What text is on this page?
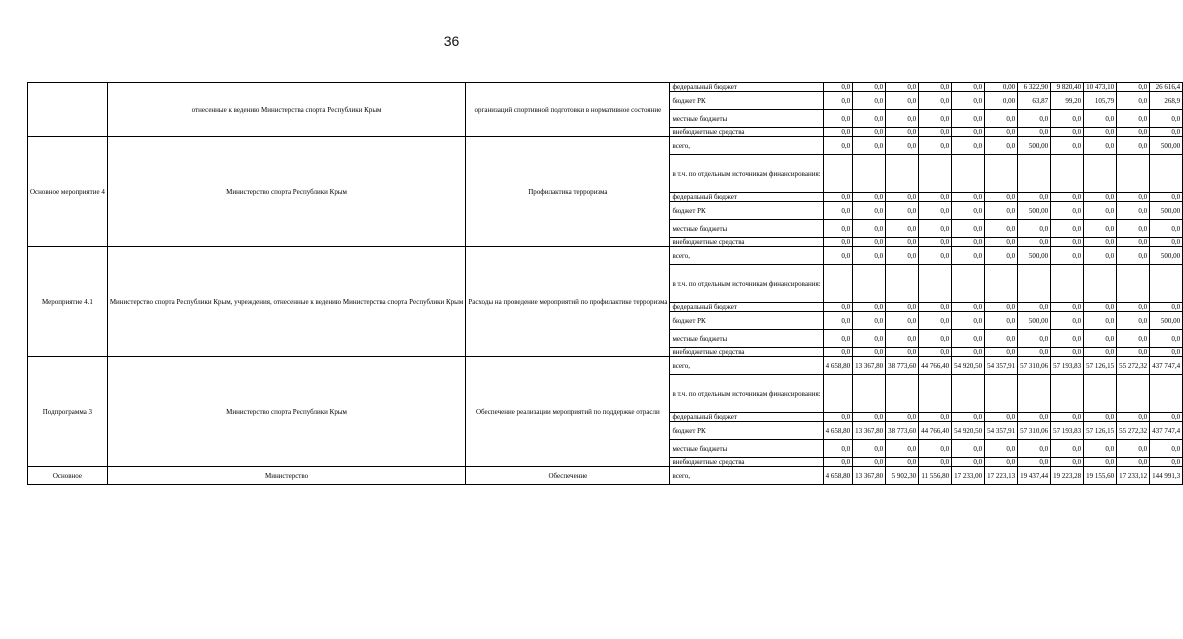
36
	отнесенные к ведению Министерства спорта Республики Крым	организаций спортивной подготовки в нормативное состояние	федеральный бюджет	0,0	0,0	0,0	0,0	0,0	0,00	6 322,90	9 820,40	10 473,10	0,0	26 616,4
			бюджет РК	0,0	0,0	0,0	0,0	0,0	0,00	63,87	99,20	105,79	0,0	268,9
			местные бюджеты	0,0	0,0	0,0	0,0	0,0	0,0	0,0	0,0	0,0	0,0	0,0
			внебюджетные средства	0,0	0,0	0,0	0,0	0,0	0,0	0,0	0,0	0,0	0,0	0,0
Основное мероприятие 4	Министерство спорта Республики Крым	Профилактика терроризма	всего,	0,0	0,0	0,0	0,0	0,0	0,0	500,00	0,0	0,0	0,0	500,00
			в т.ч. по отдельным источникам финансирования:											
			федеральный бюджет	0,0	0,0	0,0	0,0	0,0	0,0	0,0	0,0	0,0	0,0	0,0
			бюджет РК	0,0	0,0	0,0	0,0	0,0	0,0	500,00	0,0	0,0	0,0	500,00
			местные бюджеты	0,0	0,0	0,0	0,0	0,0	0,0	0,0	0,0	0,0	0,0	0,0
			внебюджетные средства	0,0	0,0	0,0	0,0	0,0	0,0	0,0	0,0	0,0	0,0	0,0
Мероприятие 4.1	Министерство спорта Республики Крым, учреждения, отнесенные к ведению Министерства спорта Республики Крым	Расходы на проведение мероприятий по профилактике терроризма	всего,	0,0	0,0	0,0	0,0	0,0	0,0	500,00	0,0	0,0	0,0	500,00
			в т.ч. по отдельным источникам финансирования:											
			федеральный бюджет	0,0	0,0	0,0	0,0	0,0	0,0	0,0	0,0	0,0	0,0	0,0
			бюджет РК	0,0	0,0	0,0	0,0	0,0	0,0	500,00	0,0	0,0	0,0	500,00
			местные бюджеты	0,0	0,0	0,0	0,0	0,0	0,0	0,0	0,0	0,0	0,0	0,0
			внебюджетные средства	0,0	0,0	0,0	0,0	0,0	0,0	0,0	0,0	0,0	0,0	0,0
Подпрограмма 3	Министерство спорта Республики Крым	Обеспечение реализации мероприятий по поддержке отрасли	всего,	4 658,80	13 367,80	38 773,60	44 766,40	54 920,50	54 357,91	57 310,06	57 193,83	57 126,15	55 272,32	437 747,4
			в т.ч. по отдельным источникам финансирования:											
			федеральный бюджет	0,0	0,0	0,0	0,0	0,0	0,0	0,0	0,0	0,0	0,0	0,0
			бюджет РК	4 658,80	13 367,80	38 773,60	44 766,40	54 920,50	54 357,91	57 310,06	57 193,83	57 126,15	55 272,32	437 747,4
			местные бюджеты	0,0	0,0	0,0	0,0	0,0	0,0	0,0	0,0	0,0	0,0	0,0
			внебюджетные средства	0,0	0,0	0,0	0,0	0,0	0,0	0,0	0,0	0,0	0,0	0,0
Основное	Министерство	Обеспечение	всего,	4 658,80	13 367,80	5 902,30	11 556,80	17 233,00	17 223,13	19 437,44	19 223,28	19 155,60	17 233,12	144 991,3
